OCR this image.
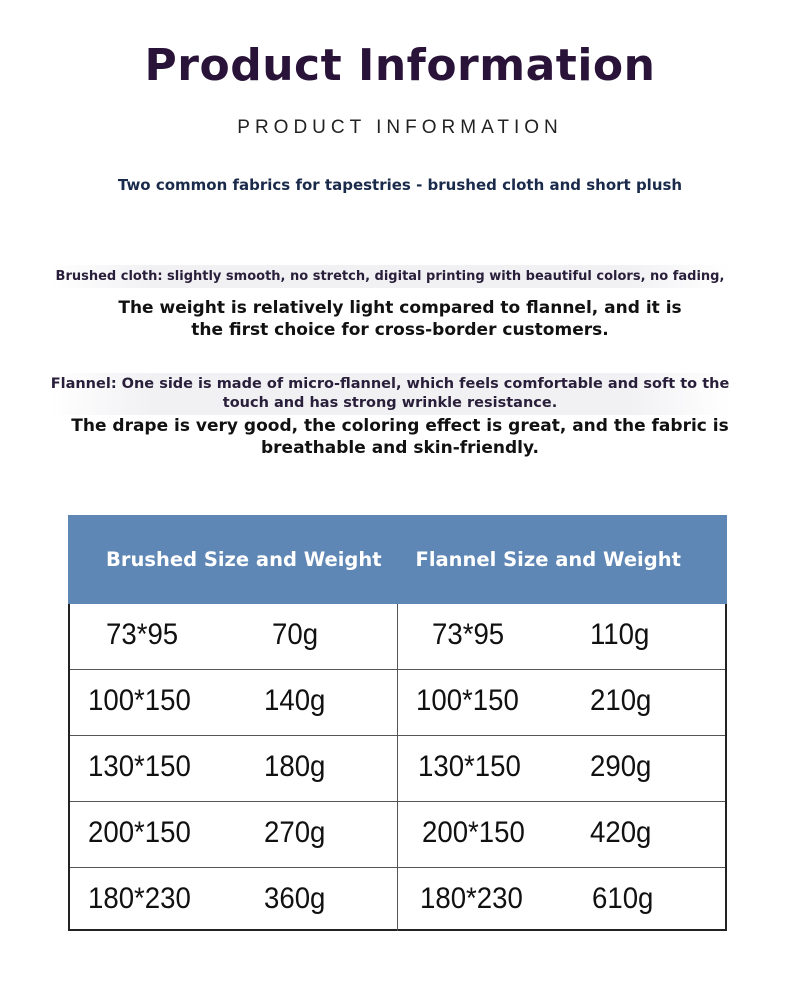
Product Information
PRODUCT INFORMATION
Two common fabrics for tapestries - brushed cloth and short plush
Brushed cloth: slightly smooth, no stretch, digital printing with beautiful colors, no fading,
The weight is relatively light compared to flannel, and it is
the first choice for cross-border customers.
Flannel: One side is made of micro-flannel, which feels comfortable and soft to the
touch and has strong wrinkle resistance.
The drape is very good, the coloring effect is great, and the fabric is
breathable and skin-friendly.
Brushed Size and Weight	Flannel Size and Weight
73*95	70g	73*95	110g
100*150 140g	100*150 210g
130*150 180g	130*150 290g
200*150 270g	200*150 420g
180*230 360g	180*230 610g
